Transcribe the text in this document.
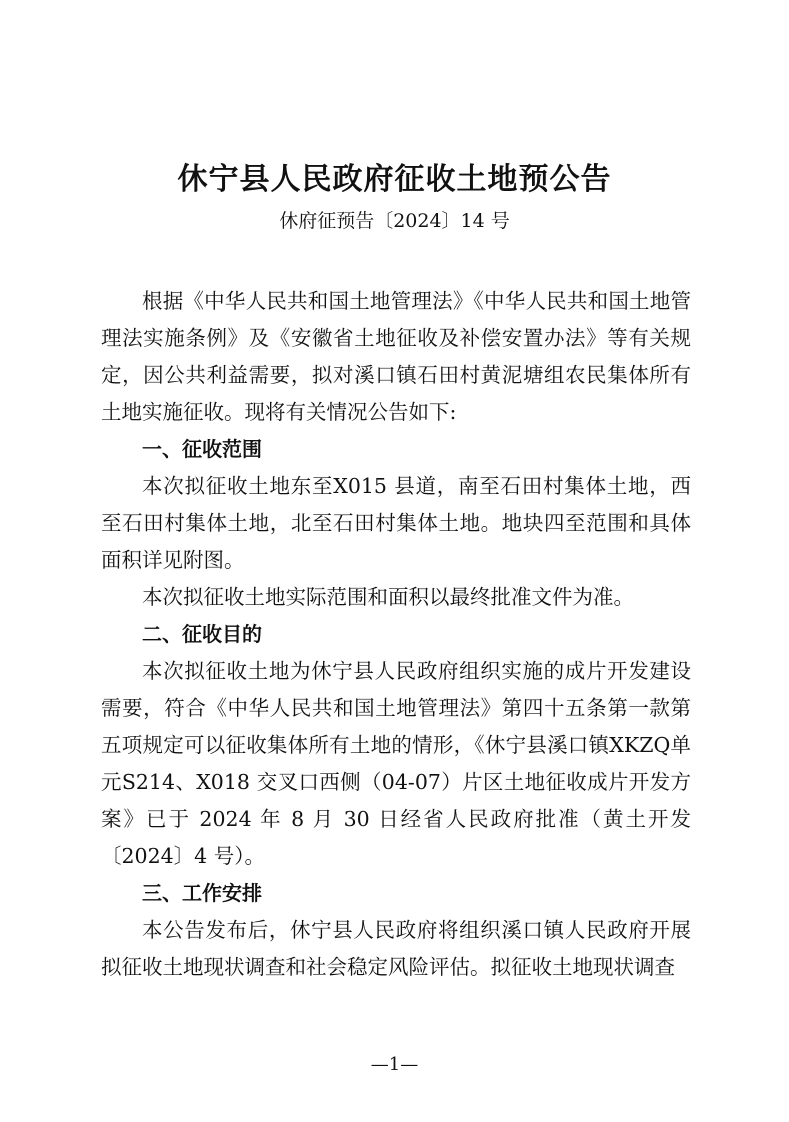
休宁县人民政府征收土地预公告
休府征预告〔2024〕14 号

根据《中华人民共和国土地管理法》《中华人民共和国土地管理法实施条例》及《安徽省土地征收及补偿安置办法》等有关规定，因公共利益需要，拟对溪口镇石田村黄泥塘组农民集体所有土地实施征收。现将有关情况公告如下:

一、征收范围

本次拟征收土地东至X015 县道，南至石田村集体土地，西至石田村集体土地，北至石田村集体土地。地块四至范围和具体面积详见附图。

本次拟征收土地实际范围和面积以最终批准文件为准。

二、征收目的

本次拟征收土地为休宁县人民政府组织实施的成片开发建设需要，符合《中华人民共和国土地管理法》第四十五条第一款第五项规定可以征收集体所有土地的情形，《休宁县溪口镇XKZQ单元S214、X018 交叉口西侧（04-07）片区土地征收成片开发方案》已于 2024 年 8 月 30 日经省人民政府批准（黄土开发〔2024〕4 号）。

三、工作安排

本公告发布后，休宁县人民政府将组织溪口镇人民政府开展拟征收土地现状调查和社会稳定风险评估。拟征收土地现状调查

—1—
